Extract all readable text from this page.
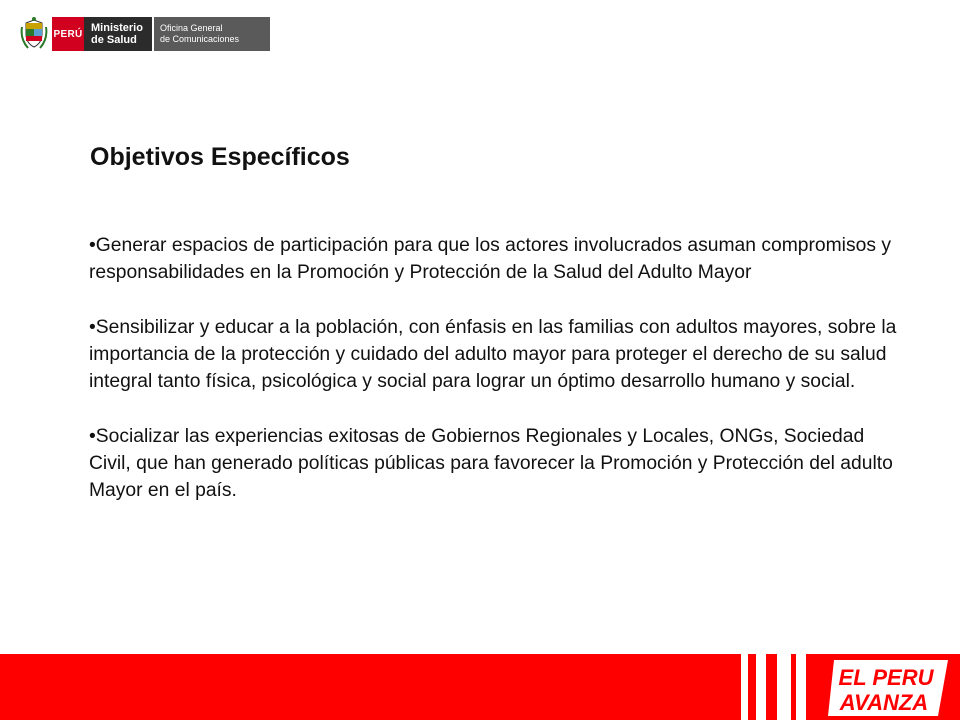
PERÚ Ministerio
de Salud
Oficina General
de Comunicaciones
Objetivos Específicos

•Generar espacios de participación para que los actores involucrados asuman compromisos y responsabilidades en la Promoción y Protección de la Salud del Adulto Mayor

•Sensibilizar y educar a la población, con énfasis en las familias con adultos mayores, sobre la importancia de la protección y cuidado del adulto mayor para proteger el derecho de su salud integral tanto física, psicológica y social para lograr un óptimo desarrollo humano y social.

•Socializar las experiencias exitosas de Gobiernos Regionales y Locales, ONGs, Sociedad Civil, que han generado políticas públicas para favorecer la Promoción y Protección del adulto Mayor en el país.

EL PERU
AVANZA
